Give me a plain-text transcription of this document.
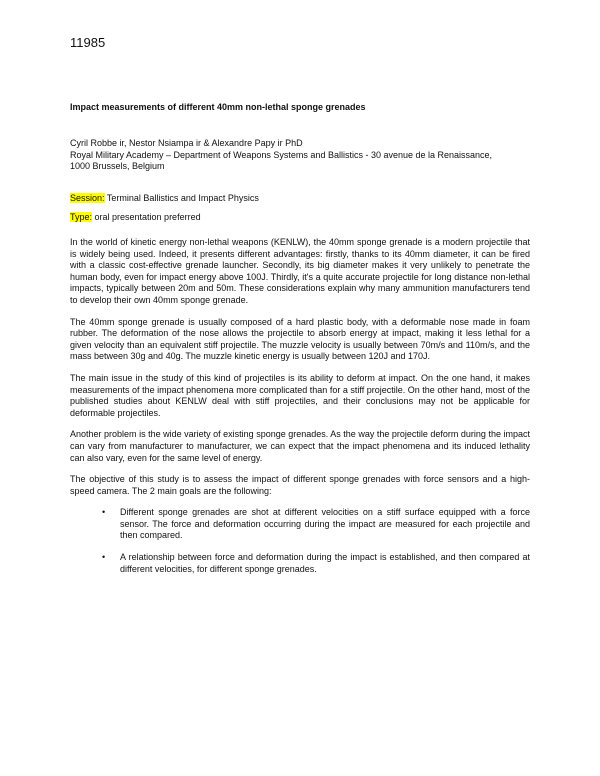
11985
Impact measurements of different 40mm non-lethal sponge grenades
Cyril Robbe ir, Nestor Nsiampa ir & Alexandre Papy ir PhD
Royal Military Academy – Department of Weapons Systems and Ballistics - 30 avenue de la Renaissance,
1000 Brussels, Belgium
Session: Terminal Ballistics and Impact Physics
Type: oral presentation preferred

In the world of kinetic energy non-lethal weapons (KENLW), the 40mm sponge grenade is a modern projectile that is widely being used. Indeed, it presents different advantages: firstly, thanks to its 40mm diameter, it can be fired with a classic cost-effective grenade launcher. Secondly, its big diameter makes it very unlikely to penetrate the human body, even for impact energy above 100J. Thirdly, it's a quite accurate projectile for long distance non-lethal impacts, typically between 20m and 50m. These considerations explain why many ammunition manufacturers tend to develop their own 40mm sponge grenade.

The 40mm sponge grenade is usually composed of a hard plastic body, with a deformable nose made in foam rubber. The deformation of the nose allows the projectile to absorb energy at impact, making it less lethal for a given velocity than an equivalent stiff projectile. The muzzle velocity is usually between 70m/s and 110m/s, and the mass between 30g and 40g. The muzzle kinetic energy is usually between 120J and 170J.

The main issue in the study of this kind of projectiles is its ability to deform at impact. On the one hand, it makes measurements of the impact phenomena more complicated than for a stiff projectile. On the other hand, most of the published studies about KENLW deal with stiff projectiles, and their conclusions may not be applicable for deformable projectiles.

Another problem is the wide variety of existing sponge grenades. As the way the projectile deform during the impact can vary from manufacturer to manufacturer, we can expect that the impact phenomena and its induced lethality can also vary, even for the same level of energy.

The objective of this study is to assess the impact of different sponge grenades with force sensors and a high-speed camera. The 2 main goals are the following:

• Different sponge grenades are shot at different velocities on a stiff surface equipped with a force sensor. The force and deformation occurring during the impact are measured for each projectile and then compared.
• A relationship between force and deformation during the impact is established, and then compared at different velocities, for different sponge grenades.
